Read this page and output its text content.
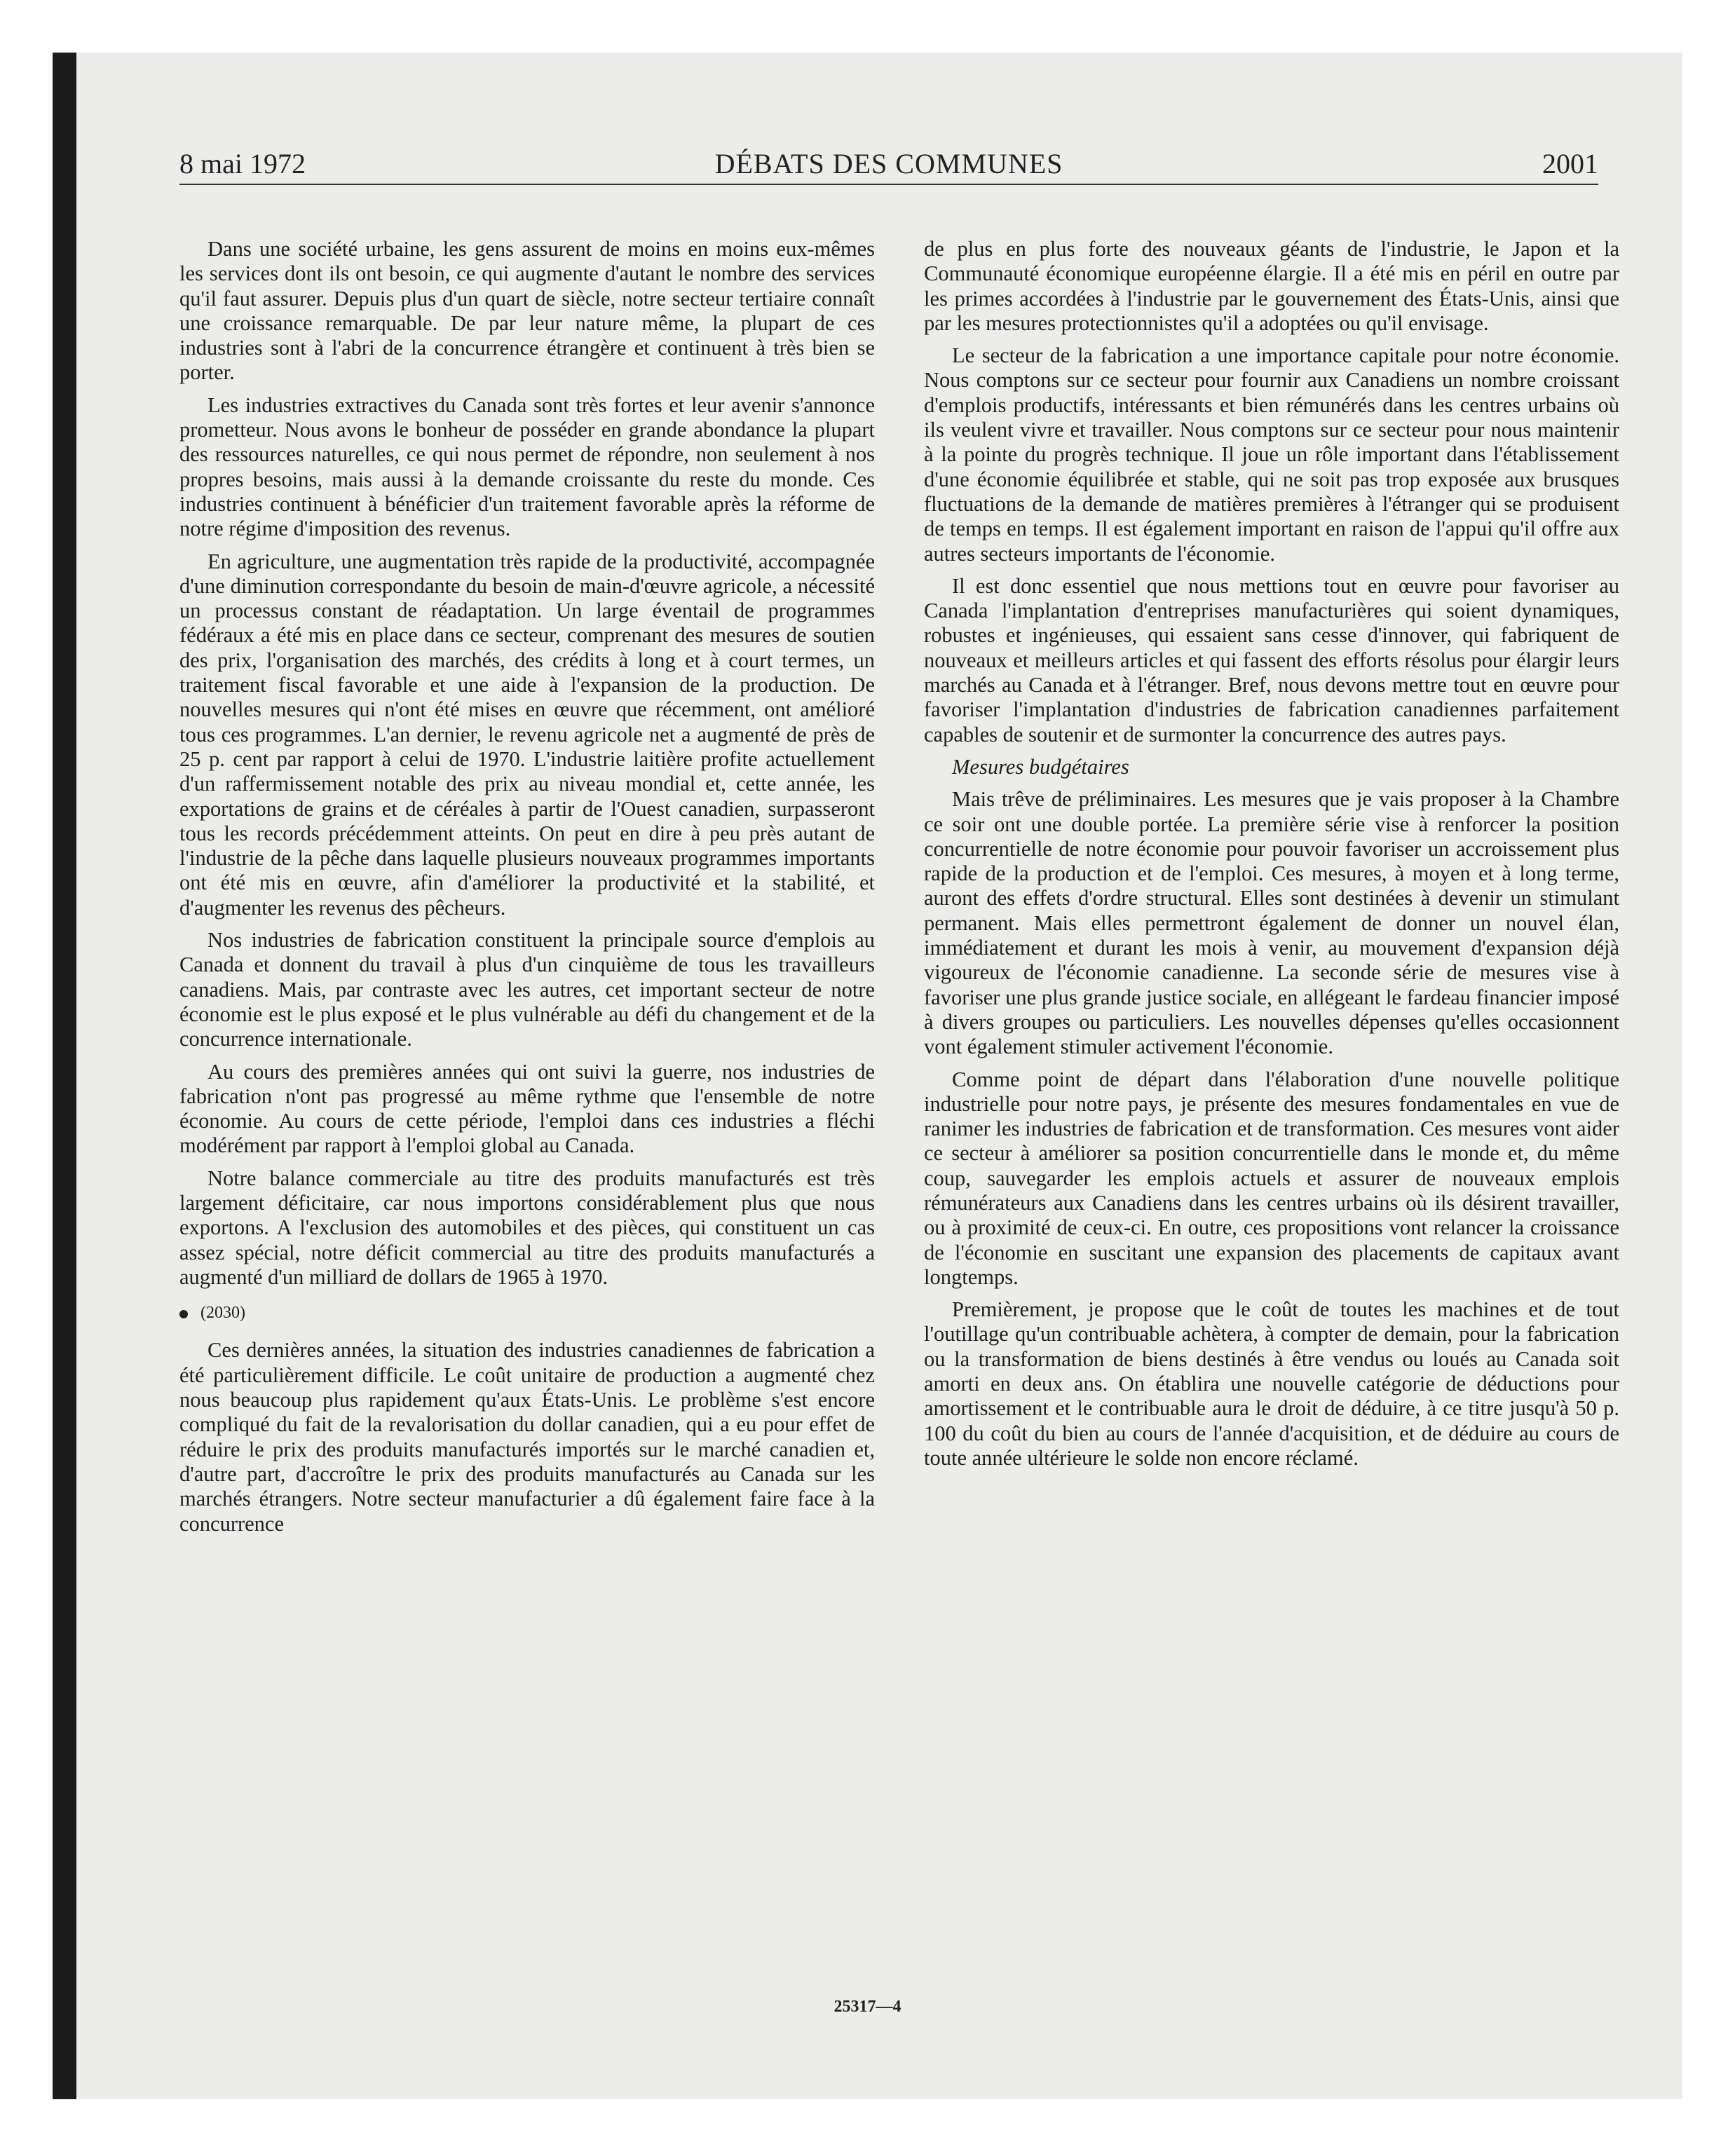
8 mai 1972	DÉBATS DES COMMUNES	2001

Dans une société urbaine, les gens assurent de moins en moins eux-mêmes les services dont ils ont besoin, ce qui augmente d'autant le nombre des services qu'il faut assurer. Depuis plus d'un quart de siècle, notre secteur tertiaire connaît une croissance remarquable. De par leur nature même, la plupart de ces industries sont à l'abri de la concurrence étrangère et continuent à très bien se porter.

Les industries extractives du Canada sont très fortes et leur avenir s'annonce prometteur. Nous avons le bonheur de posséder en grande abondance la plupart des ressources naturelles, ce qui nous permet de répondre, non seulement à nos propres besoins, mais aussi à la demande croissante du reste du monde. Ces industries continuent à bénéficier d'un traitement favorable après la réforme de notre régime d'imposition des revenus.

En agriculture, une augmentation très rapide de la productivité, accompagnée d'une diminution correspondante du besoin de main-d'œuvre agricole, a nécessité un processus constant de réadaptation. Un large éventail de programmes fédéraux a été mis en place dans ce secteur, comprenant des mesures de soutien des prix, l'organisation des marchés, des crédits à long et à court termes, un traitement fiscal favorable et une aide à l'expansion de la production. De nouvelles mesures qui n'ont été mises en œuvre que récemment, ont amélioré tous ces programmes. L'an dernier, le revenu agricole net a augmenté de près de 25 p. cent par rapport à celui de 1970. L'industrie laitière profite actuellement d'un raffermissement notable des prix au niveau mondial et, cette année, les exportations de grains et de céréales à partir de l'Ouest canadien, surpasseront tous les records précédemment atteints. On peut en dire à peu près autant de l'industrie de la pêche dans laquelle plusieurs nouveaux programmes importants ont été mis en œuvre, afin d'améliorer la productivité et la stabilité, et d'augmenter les revenus des pêcheurs.

Nos industries de fabrication constituent la principale source d'emplois au Canada et donnent du travail à plus d'un cinquième de tous les travailleurs canadiens. Mais, par contraste avec les autres, cet important secteur de notre économie est le plus exposé et le plus vulnérable au défi du changement et de la concurrence internationale.

Au cours des premières années qui ont suivi la guerre, nos industries de fabrication n'ont pas progressé au même rythme que l'ensemble de notre économie. Au cours de cette période, l'emploi dans ces industries a fléchi modérément par rapport à l'emploi global au Canada.

Notre balance commerciale au titre des produits manufacturés est très largement déficitaire, car nous importons considérablement plus que nous exportons. A l'exclusion des automobiles et des pièces, qui constituent un cas assez spécial, notre déficit commercial au titre des produits manufacturés a augmenté d'un milliard de dollars de 1965 à 1970.

(2030)

Ces dernières années, la situation des industries canadiennes de fabrication a été particulièrement difficile. Le coût unitaire de production a augmenté chez nous beaucoup plus rapidement qu'aux États-Unis. Le problème s'est encore compliqué du fait de la revalorisation du dollar canadien, qui a eu pour effet de réduire le prix des produits manufacturés importés sur le marché canadien et, d'autre part, d'accroître le prix des produits manufacturés au Canada sur les marchés étrangers. Notre secteur manufacturier a dû également faire face à la concurrence

de plus en plus forte des nouveaux géants de l'industrie, le Japon et la Communauté économique européenne élargie. Il a été mis en péril en outre par les primes accordées à l'industrie par le gouvernement des États-Unis, ainsi que par les mesures protectionnistes qu'il a adoptées ou qu'il envisage.

Le secteur de la fabrication a une importance capitale pour notre économie. Nous comptons sur ce secteur pour fournir aux Canadiens un nombre croissant d'emplois productifs, intéressants et bien rémunérés dans les centres urbains où ils veulent vivre et travailler. Nous comptons sur ce secteur pour nous maintenir à la pointe du progrès technique. Il joue un rôle important dans l'établissement d'une économie équilibrée et stable, qui ne soit pas trop exposée aux brusques fluctuations de la demande de matières premières à l'étranger qui se produisent de temps en temps. Il est également important en raison de l'appui qu'il offre aux autres secteurs importants de l'économie.

Il est donc essentiel que nous mettions tout en œuvre pour favoriser au Canada l'implantation d'entreprises manufacturières qui soient dynamiques, robustes et ingénieuses, qui essaient sans cesse d'innover, qui fabriquent de nouveaux et meilleurs articles et qui fassent des efforts résolus pour élargir leurs marchés au Canada et à l'étranger. Bref, nous devons mettre tout en œuvre pour favoriser l'implantation d'industries de fabrication canadiennes parfaitement capables de soutenir et de surmonter la concurrence des autres pays.

Mesures budgétaires

Mais trêve de préliminaires. Les mesures que je vais proposer à la Chambre ce soir ont une double portée. La première série vise à renforcer la position concurrentielle de notre économie pour pouvoir favoriser un accroissement plus rapide de la production et de l'emploi. Ces mesures, à moyen et à long terme, auront des effets d'ordre structural. Elles sont destinées à devenir un stimulant permanent. Mais elles permettront également de donner un nouvel élan, immédiatement et durant les mois à venir, au mouvement d'expansion déjà vigoureux de l'économie canadienne. La seconde série de mesures vise à favoriser une plus grande justice sociale, en allégeant le fardeau financier imposé à divers groupes ou particuliers. Les nouvelles dépenses qu'elles occasionnent vont également stimuler activement l'économie.

Comme point de départ dans l'élaboration d'une nouvelle politique industrielle pour notre pays, je présente des mesures fondamentales en vue de ranimer les industries de fabrication et de transformation. Ces mesures vont aider ce secteur à améliorer sa position concurrentielle dans le monde et, du même coup, sauvegarder les emplois actuels et assurer de nouveaux emplois rémunérateurs aux Canadiens dans les centres urbains où ils désirent travailler, ou à proximité de ceux-ci. En outre, ces propositions vont relancer la croissance de l'économie en suscitant une expansion des placements de capitaux avant longtemps.

Premièrement, je propose que le coût de toutes les machines et de tout l'outillage qu'un contribuable achètera, à compter de demain, pour la fabrication ou la transformation de biens destinés à être vendus ou loués au Canada soit amorti en deux ans. On établira une nouvelle catégorie de déductions pour amortissement et le contribuable aura le droit de déduire, à ce titre jusqu'à 50 p. 100 du coût du bien au cours de l'année d'acquisition, et de déduire au cours de toute année ultérieure le solde non encore réclamé.

25317—4
